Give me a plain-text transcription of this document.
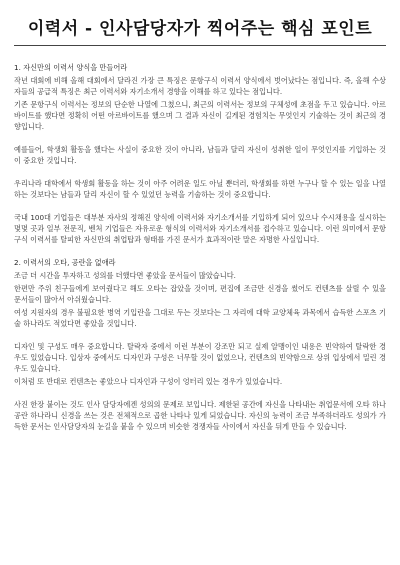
이력서 - 인사담당자가 찍어주는 핵심 포인트
1. 자신만의 이력서 양식을 만들어라
작년 대회에 비해 올해 대회에서 달라진 가장 큰 특징은 문항구식 이력서 양식에서 벗어났다는 점입니다. 즉, 올해 수상자들의 공급적 특징은 최근 이력서와 자기소개서 경향을 이해를 하고 있다는 점입니다.
기존 문항구식 이력서는 정보의 단순한 나열에 그쳤으니, 최근의 이력서는 정보의 구체성에 초점을 두고 있습니다. 아르바이트를 했다면 정확히 어떤 아르바이트를 했으며 그 결과 자신이 길게된 경험치는 무엇인지 기술하는 것이 최근의 경향입니다.
예를들어, 학생회 활동을 했다는 사실이 중요한 것이 아니라, 남들과 달리 자신이 성취한 일이 무엇인지를 기입하는 것이 중요한 것입니다.
우리나라 대학에서 학생회 활동을 하는 것이 아주 어려운 일도 아닐 뿐더러, 학생회를 하면 누구나 할 수 있는 일을 나열하는 것보다는 남들과 달리 자신이 할 수 있었던 능력을 기술하는 것이 중요합니다.
국내 100대 기업들은 대부분 자사의 정해진 양식에 이력서와 자기소개서를 기입하게 되어 있으나 수시채용을 실시하는 몇몇 곳과 일부 전문직, 벤처 기업들은 자유로운 형식의 이력서와 자기소개서를 접수하고 있습니다. 이런 의미에서 문항구식 이력서를 탈피한 자신만의 취업탑과 형태를 가진 문서가 효과적이란 말은 자명한 사실입니다.
2. 이력서의 오타, 공란을 없애라
조금 더 시간을 투자하고 성의를 더했다면 좋았을 문서들이 많았습니다.
한편만 주위 친구들에게 보여줬다고 해도 오타는 잡았을 것이며, 편집에 조금만 신경을 썼어도 컨텐츠를 살릴 수 있을 문서들이 많아서 아쉬웠습니다.
여성 지원자의 경우 불필요한 병역 기입란을 그대로 두는 것보다는 그 자리에 대학 교양체육 과목에서 습득한 스포츠 기술 하나라도 적었다면 좋았을 것입니다.
디자인 및 구성도 매우 중요합니다. 탈락자 중에서 이런 부분이 강조만 되고 실제 알맹이인 내용은 빈약하여 탈락한 경우도 있었습니다. 입상자 중에서도 디자인과 구성은 너무할 것이 없었으나, 컨텐츠의 빈약함으로 상위 입상에서 밀린 경우도 있습니다.
이처럼 또 반대로 컨텐츠는 좋았으나 디자인과 구성이 엉터리 있는 경우가 있었습니다.
사진 한장 붙이는 것도 인사 담당자에겐 성의의 문제로 보입니다. 제한된 공간에 자신을 나타내는 취업문서에 오타 하나 공란 하나라니 신경을 쓰는 것은 전체적으로 곱한 나타나 있게 되었습니다. 자신의 능력이 조금 부족하더라도 성의가 가득한 문서는 인사담당자의 눈길을 붙을 수 있으며 비슷한 경쟁자들 사이에서 자신을 뒤게 만들 수 있습니다.
